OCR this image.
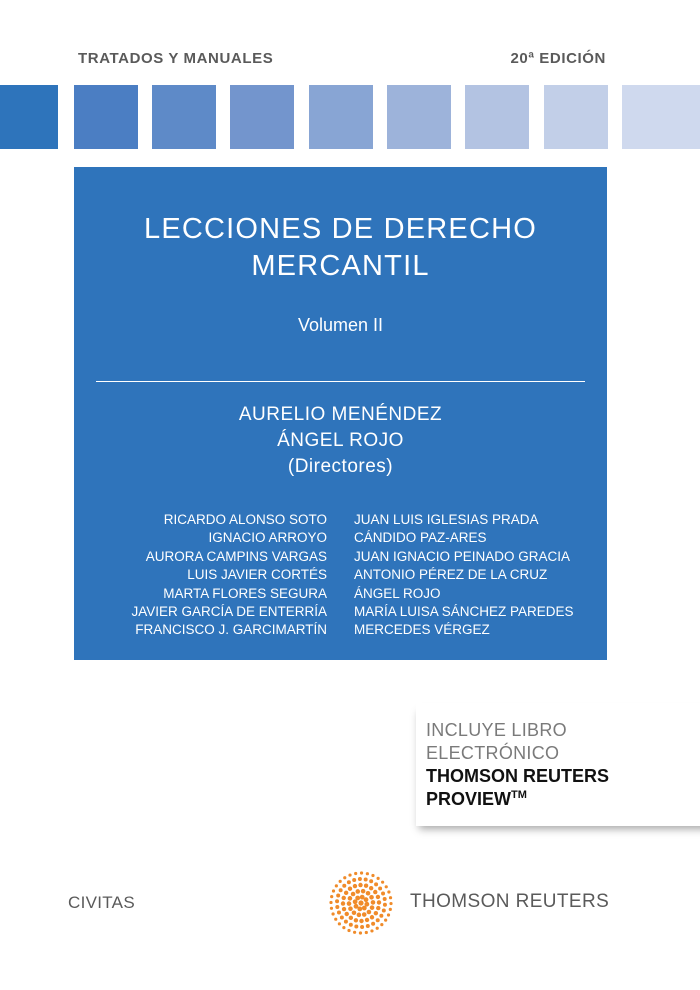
TRATADOS Y MANUALES	20ª EDICIÓN
LECCIONES DE DERECHO
MERCANTIL
Volumen II
AURELIO MENÉNDEZ
ÁNGEL ROJO
(Directores)
RICARDO ALONSO SOTO
IGNACIO ARROYO
AURORA CAMPINS VARGAS
LUIS JAVIER CORTÉS
MARTA FLORES SEGURA
JAVIER GARCÍA DE ENTERRÍA
FRANCISCO J. GARCIMARTÍN
JUAN LUIS IGLESIAS PRADA
CÁNDIDO PAZ-ARES
JUAN IGNACIO PEINADO GRACIA
ANTONIO PÉREZ DE LA CRUZ
ÁNGEL ROJO
MARÍA LUISA SÁNCHEZ PAREDES
MERCEDES VÉRGEZ
INCLUYE LIBRO
ELECTRÓNICO
THOMSON REUTERS
PROVIEW™
CIVITAS	THOMSON REUTERS
